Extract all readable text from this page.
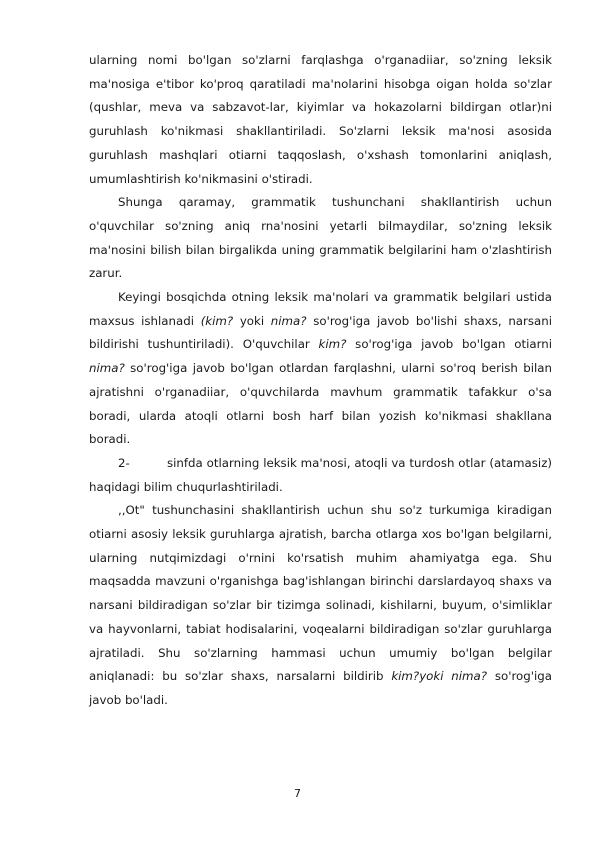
ularning nomi bo'lgan so'zlarni farqlashga o'rganadiiar, so'zning leksik ma'nosiga e'tibor ko'proq qaratiladi ma'nolarini hisobga oigan holda so'zlar (qushlar, meva va sabzavot-lar, kiyimlar va hokazolarni bildirgan otlar)ni guruhlash ko'nikmasi shakllantiriladi. So'zlarni leksik ma'nosi asosida guruhlash mashqlari otiarni taqqoslash, o'xshash tomonlarini aniqlash, umumlashtirish ko'nikmasini o'stiradi.

Shunga qaramay, grammatik tushunchani shakllantirish uchun o'quvchilar so'zning aniq rna'nosini yetarli bilmaydilar, so'zning leksik ma'nosini bilish bilan birgalikda uning grammatik belgilarini ham o'zlashtirish zarur.

Keyingi bosqichda otning leksik ma'nolari va grammatik belgilari ustida maxsus ishlanadi (kim? yoki nima? so'rog'iga javob bo'lishi shaxs, narsani bildirishi tushuntiriladi). O'quvchilar kim? so'rog'iga javob bo'lgan otiarni nima? so'rog'iga javob bo'lgan otlardan farqlashni, ularni so'roq berish bilan ajratishni o'rganadiiar, o'quvchilarda mavhum grammatik tafakkur o'sa boradi, ularda atoqli otlarni bosh harf bilan yozish ko'nikmasi shakllana boradi.

2-	sinfda otlarning leksik ma'nosi, atoqli va turdosh otlar (atamasiz) haqidagi bilim chuqurlashtiriladi.

,,Ot" tushunchasini shakllantirish uchun shu so'z turkumiga kiradigan otiarni asosiy leksik guruhlarga ajratish, barcha otlarga xos bo'lgan belgilarni, ularning nutqimizdagi o'rnini ko'rsatish muhim ahamiyatga ega. Shu maqsadda mavzuni o'rganishga bag'ishlangan birinchi darslardayoq shaxs va narsani bildiradigan so'zlar bir tizimga solinadi, kishilarni, buyum, o'simliklar va hayvonlarni, tabiat hodisalarini, voqealarni bildiradigan so'zlar guruhlarga ajratiladi. Shu so'zlarning hammasi uchun umumiy bo'lgan belgilar aniqlanadi: bu so'zlar shaxs, narsalarni bildirib kim?yoki nima? so'rog'iga javob bo'ladi.

7
